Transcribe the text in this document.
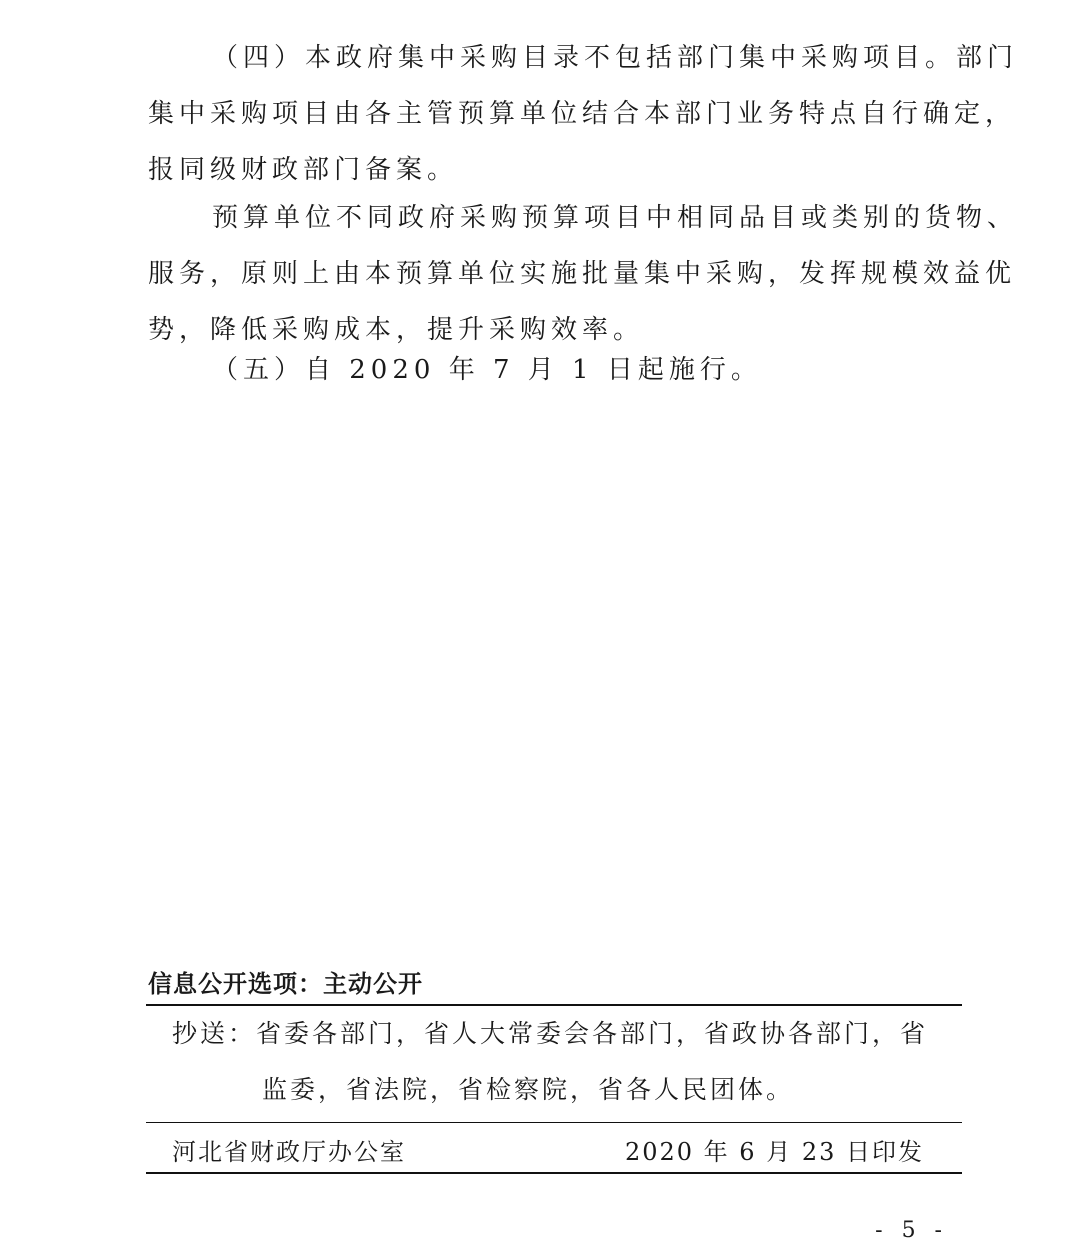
（四）本政府集中采购目录不包括部门集中采购项目。部门
集中采购项目由各主管预算单位结合本部门业务特点自行确定，
报同级财政部门备案。
预算单位不同政府采购预算项目中相同品目或类别的货物、
服务，原则上由本预算单位实施批量集中采购，发挥规模效益优
势，降低采购成本，提升采购效率。
（五）自 2020 年 7 月 1 日起施行。
信息公开选项：主动公开
抄送：省委各部门，省人大常委会各部门，省政协各部门，省
监委，省法院，省检察院，省各人民团体。
河北省财政厅办公室	2020 年 6 月 23 日印发
- 5 -
